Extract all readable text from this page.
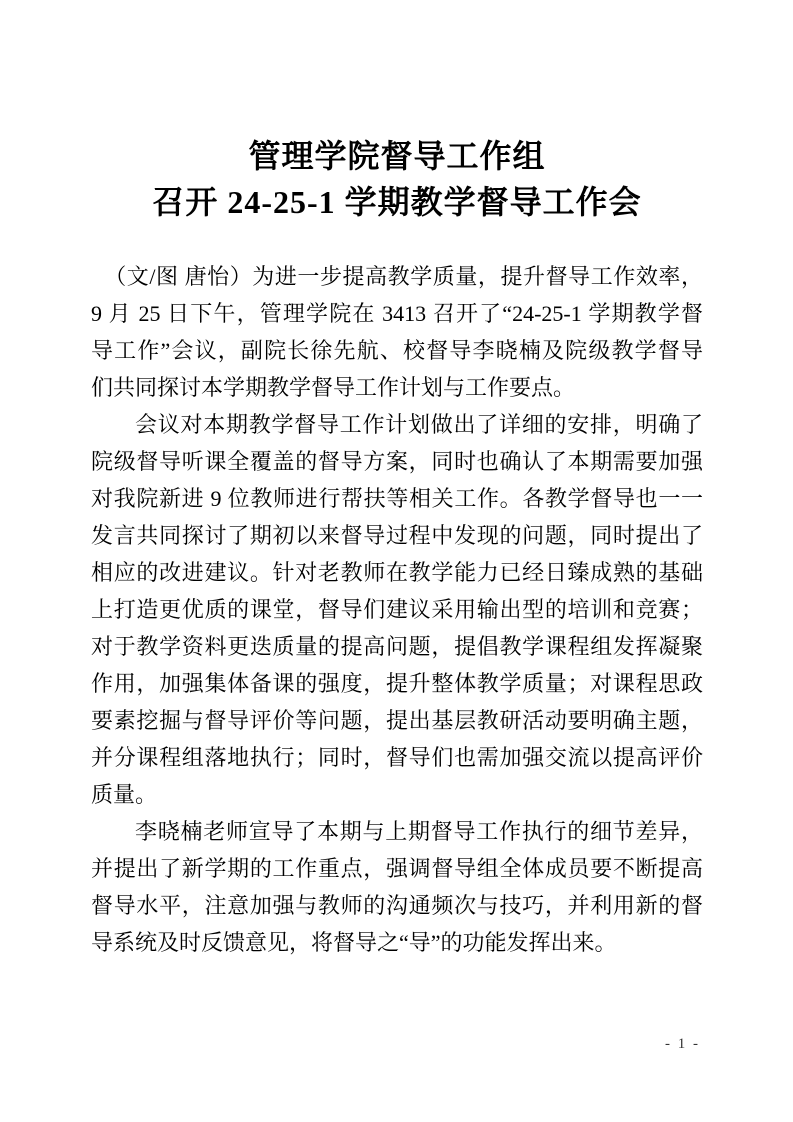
管理学院督导工作组
召开 24-25-1 学期教学督导工作会
（文/图 唐怡）为进一步提高教学质量，提升督导工作效率，
9 月 25 日下午，管理学院在 3413 召开了“24-25-1 学期教学督
导工作”会议，副院长徐先航、校督导李晓楠及院级教学督导
们共同探讨本学期教学督导工作计划与工作要点。
会议对本期教学督导工作计划做出了详细的安排，明确了
院级督导听课全覆盖的督导方案，同时也确认了本期需要加强
对我院新进 9 位教师进行帮扶等相关工作。各教学督导也一一
发言共同探讨了期初以来督导过程中发现的问题，同时提出了
相应的改进建议。针对老教师在教学能力已经日臻成熟的基础
上打造更优质的课堂，督导们建议采用输出型的培训和竞赛；
对于教学资料更迭质量的提高问题，提倡教学课程组发挥凝聚
作用，加强集体备课的强度，提升整体教学质量；对课程思政
要素挖掘与督导评价等问题，提出基层教研活动要明确主题，
并分课程组落地执行；同时，督导们也需加强交流以提高评价
质量。
李晓楠老师宣导了本期与上期督导工作执行的细节差异，
并提出了新学期的工作重点，强调督导组全体成员要不断提高
督导水平，注意加强与教师的沟通频次与技巧，并利用新的督
导系统及时反馈意见，将督导之“导”的功能发挥出来。
- 1 -
